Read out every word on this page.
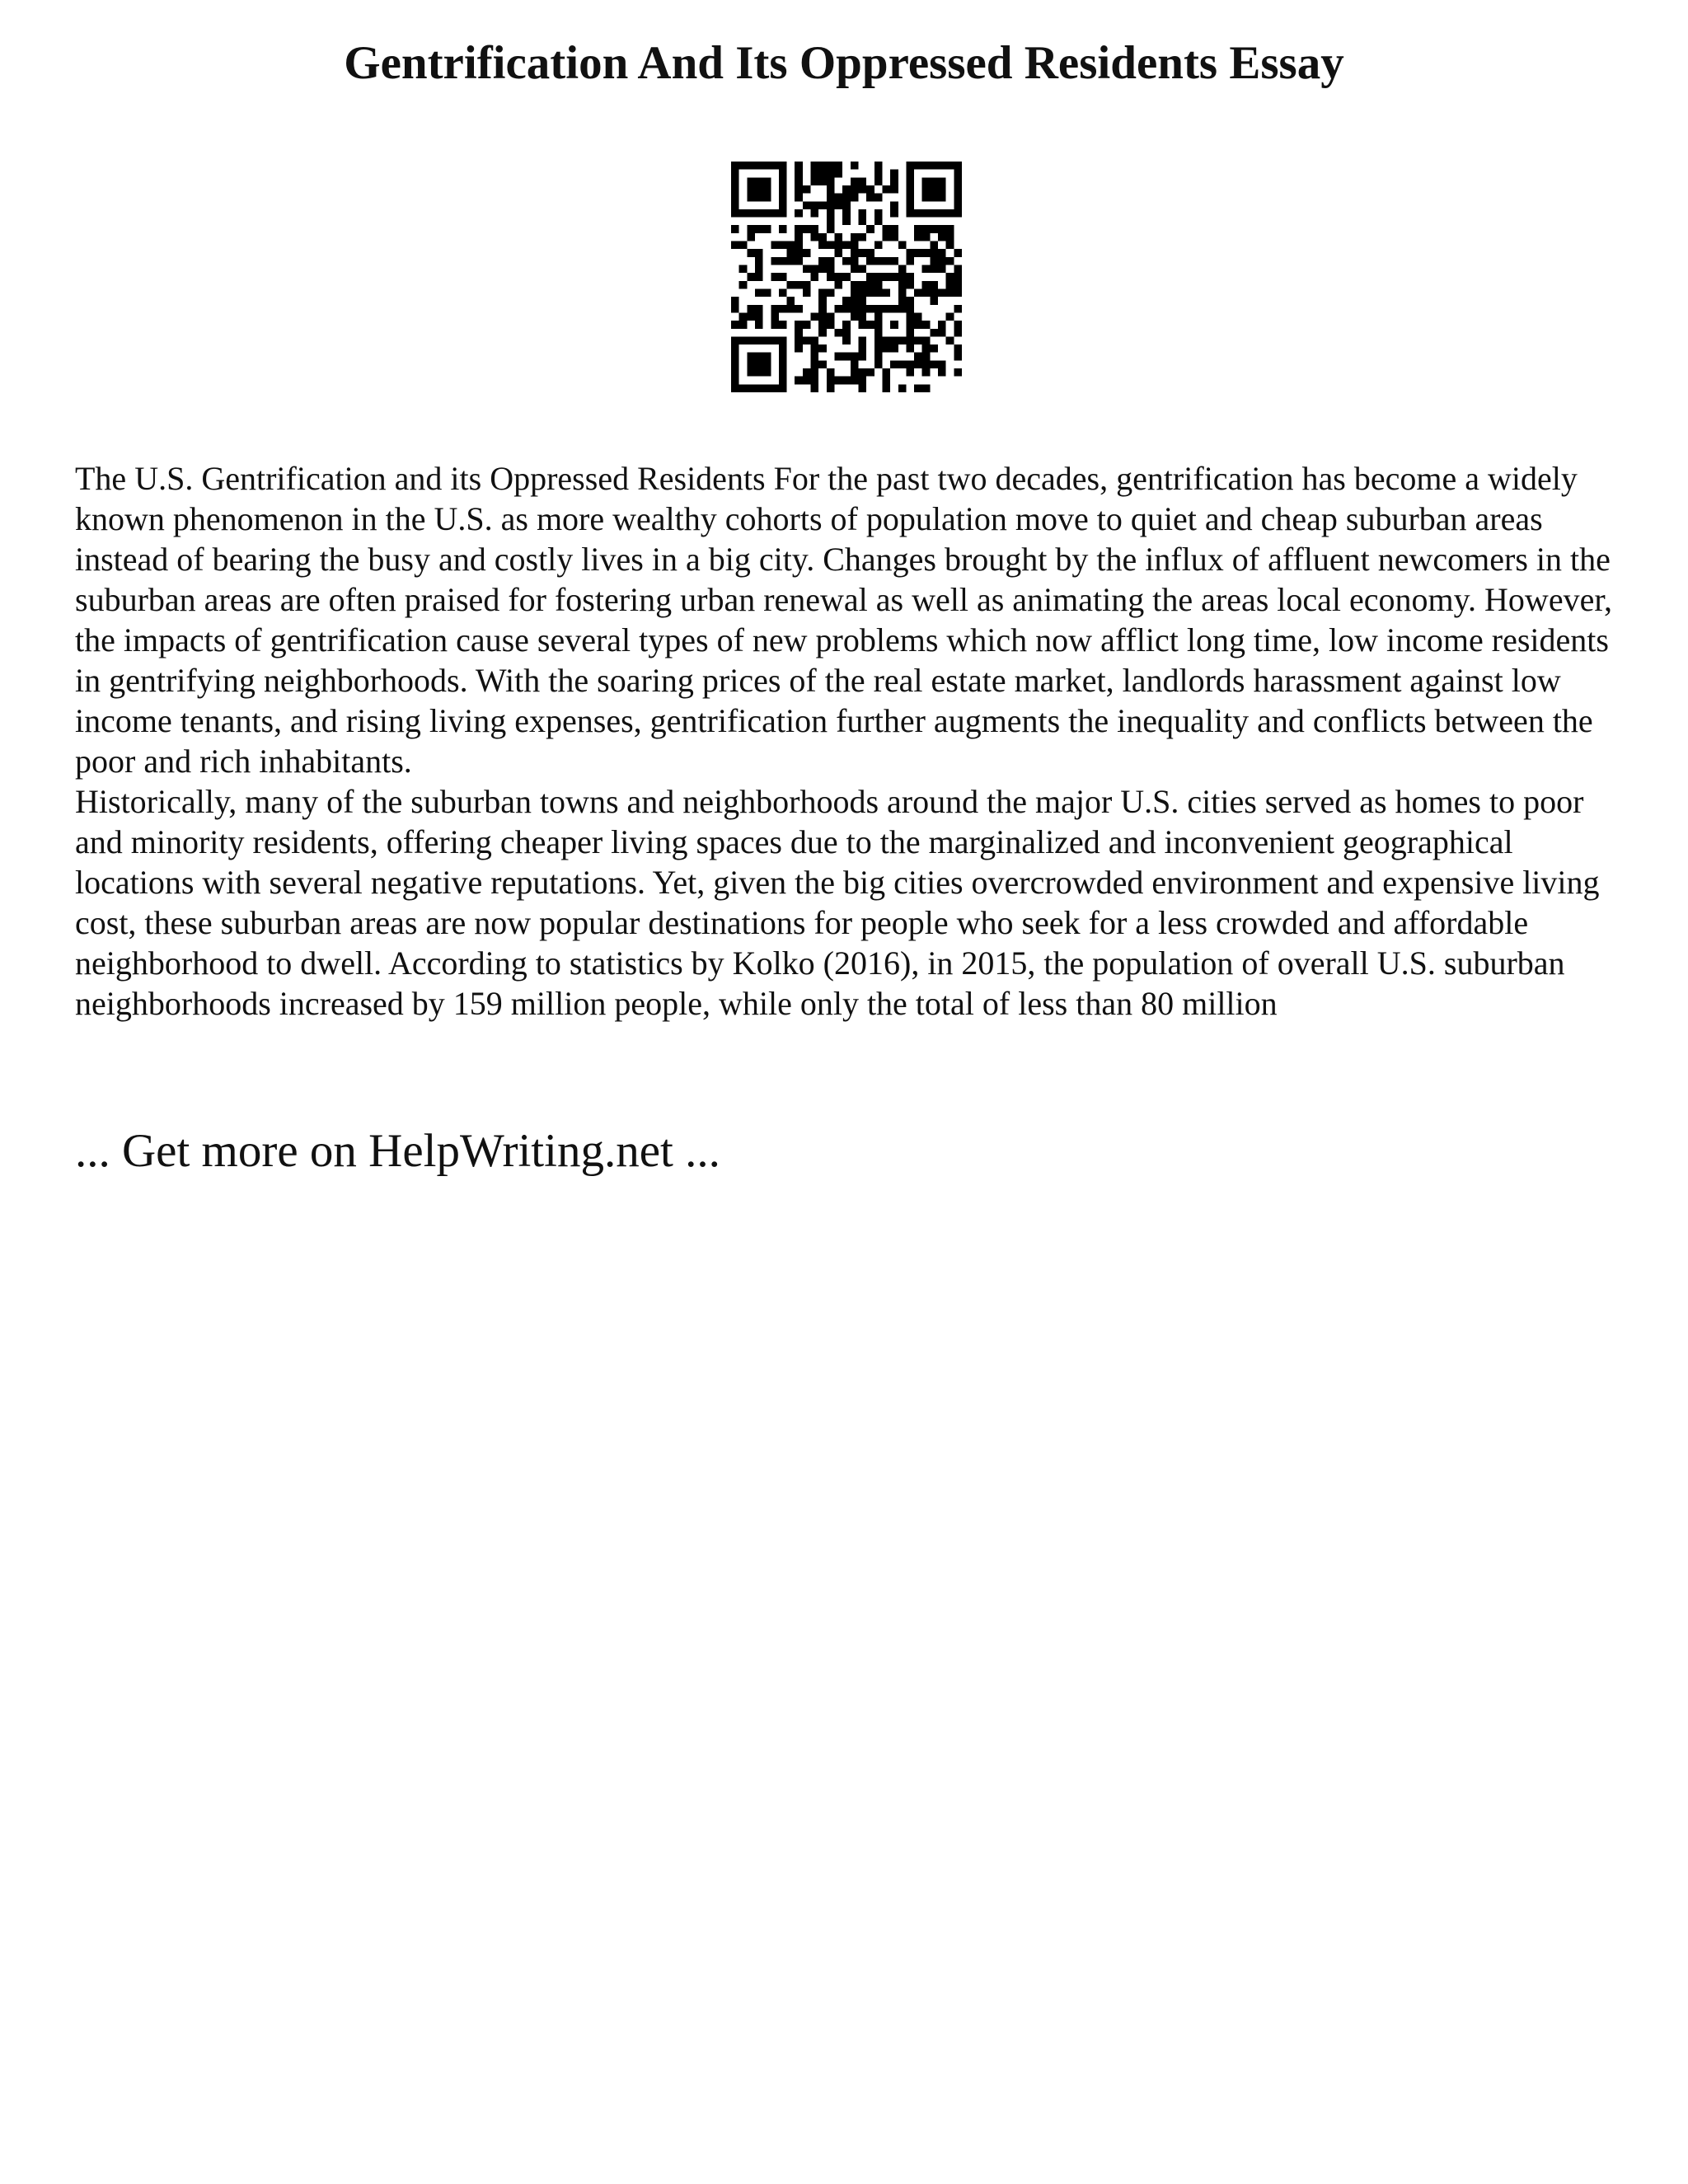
Gentrification And Its Oppressed Residents Essay

The U.S. Gentrification and its Oppressed Residents For the past two decades, gentrification has become a widely known phenomenon in the U.S. as more wealthy cohorts of population move to quiet and cheap suburban areas instead of bearing the busy and costly lives in a big city. Changes brought by the influx of affluent newcomers in the suburban areas are often praised for fostering urban renewal as well as animating the areas local economy. However, the impacts of gentrification cause several types of new problems which now afflict long time, low income residents in gentrifying neighborhoods. With the soaring prices of the real estate market, landlords harassment against low income tenants, and rising living expenses, gentrification further augments the inequality and conflicts between the poor and rich inhabitants.

Historically, many of the suburban towns and neighborhoods around the major U.S. cities served as homes to poor and minority residents, offering cheaper living spaces due to the marginalized and inconvenient geographical locations with several negative reputations. Yet, given the big cities overcrowded environment and expensive living cost, these suburban areas are now popular destinations for people who seek for a less crowded and affordable neighborhood to dwell. According to statistics by Kolko (2016), in 2015, the population of overall U.S. suburban neighborhoods increased by 159 million people, while only the total of less than 80 million

... Get more on HelpWriting.net ...
